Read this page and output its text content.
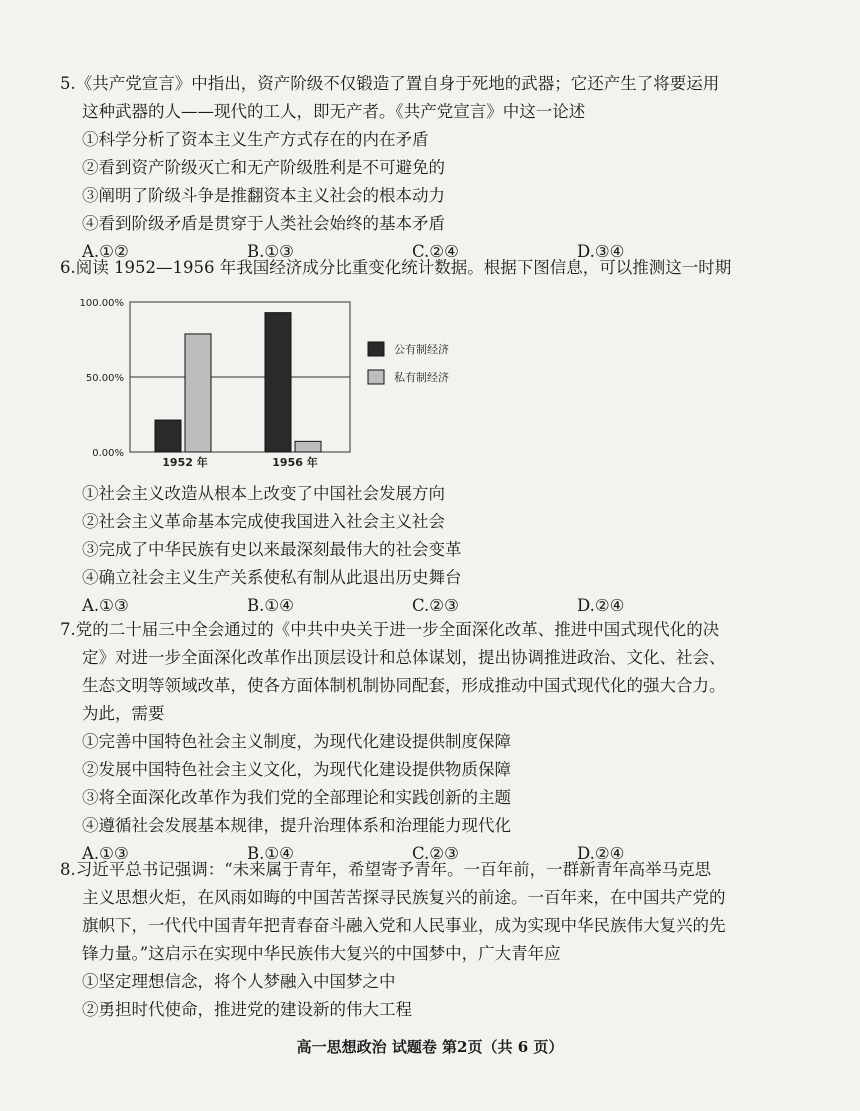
5.《共产党宣言》中指出，资产阶级不仅锻造了置自身于死地的武器；它还产生了将要运用
这种武器的人——现代的工人，即无产者。《共产党宣言》中这一论述
①科学分析了资本主义生产方式存在的内在矛盾
②看到资产阶级灭亡和无产阶级胜利是不可避免的
③阐明了阶级斗争是推翻资本主义社会的根本动力
④看到阶级矛盾是贯穿于人类社会始终的基本矛盾
A.①②	B.①③	C.②④	D.③④
6.阅读 1952—1956 年我国经济成分比重变化统计数据。根据下图信息，可以推测这一时期
0.00%
50.00%
100.00%
1952 年	1956 年
公有制经济
私有制经济
①社会主义改造从根本上改变了中国社会发展方向
②社会主义革命基本完成使我国进入社会主义社会
③完成了中华民族有史以来最深刻最伟大的社会变革
④确立社会主义生产关系使私有制从此退出历史舞台
A.①③	B.①④	C.②③	D.②④
7.党的二十届三中全会通过的《中共中央关于进一步全面深化改革、推进中国式现代化的决
定》对进一步全面深化改革作出顶层设计和总体谋划，提出协调推进政治、文化、社会、
生态文明等领域改革，使各方面体制机制协同配套，形成推动中国式现代化的强大合力。
为此，需要
①完善中国特色社会主义制度，为现代化建设提供制度保障
②发展中国特色社会主义文化，为现代化建设提供物质保障
③将全面深化改革作为我们党的全部理论和实践创新的主题
④遵循社会发展基本规律，提升治理体系和治理能力现代化
A.①③	B.①④	C.②③	D.②④
8.习近平总书记强调：“未来属于青年，希望寄予青年。一百年前，一群新青年高举马克思
主义思想火炬，在风雨如晦的中国苦苦探寻民族复兴的前途。一百年来，在中国共产党的
旗帜下，一代代中国青年把青春奋斗融入党和人民事业，成为实现中华民族伟大复兴的先
锋力量。”这启示在实现中华民族伟大复兴的中国梦中，广大青年应
①坚定理想信念，将个人梦融入中国梦之中
②勇担时代使命，推进党的建设新的伟大工程
高一思想政治 试题卷 第2页（共 6 页）
